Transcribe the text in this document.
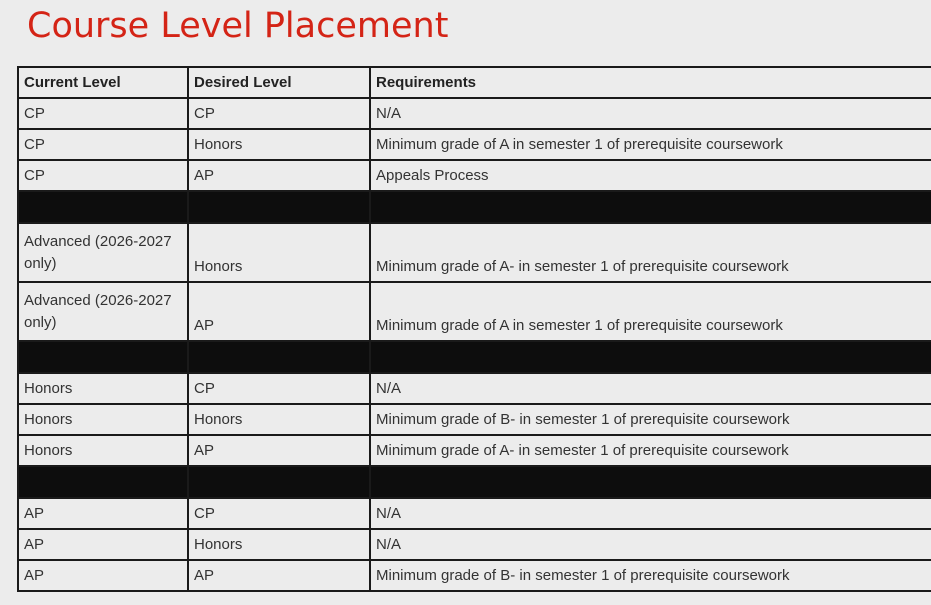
Course Level Placement
Current Level	Desired Level	Requirements
CP	CP	N/A
CP	Honors	Minimum grade of A in semester 1 of prerequisite coursework
CP	AP	Appeals Process

Advanced (2026-2027 only)	Honors	Minimum grade of A- in semester 1 of prerequisite coursework
Advanced (2026-2027 only)	AP	Minimum grade of A in semester 1 of prerequisite coursework

Honors	CP	N/A
Honors	Honors	Minimum grade of B- in semester 1 of prerequisite coursework
Honors	AP	Minimum grade of A- in semester 1 of prerequisite coursework

AP	CP	N/A
AP	Honors	N/A
AP	AP	Minimum grade of B- in semester 1 of prerequisite coursework
